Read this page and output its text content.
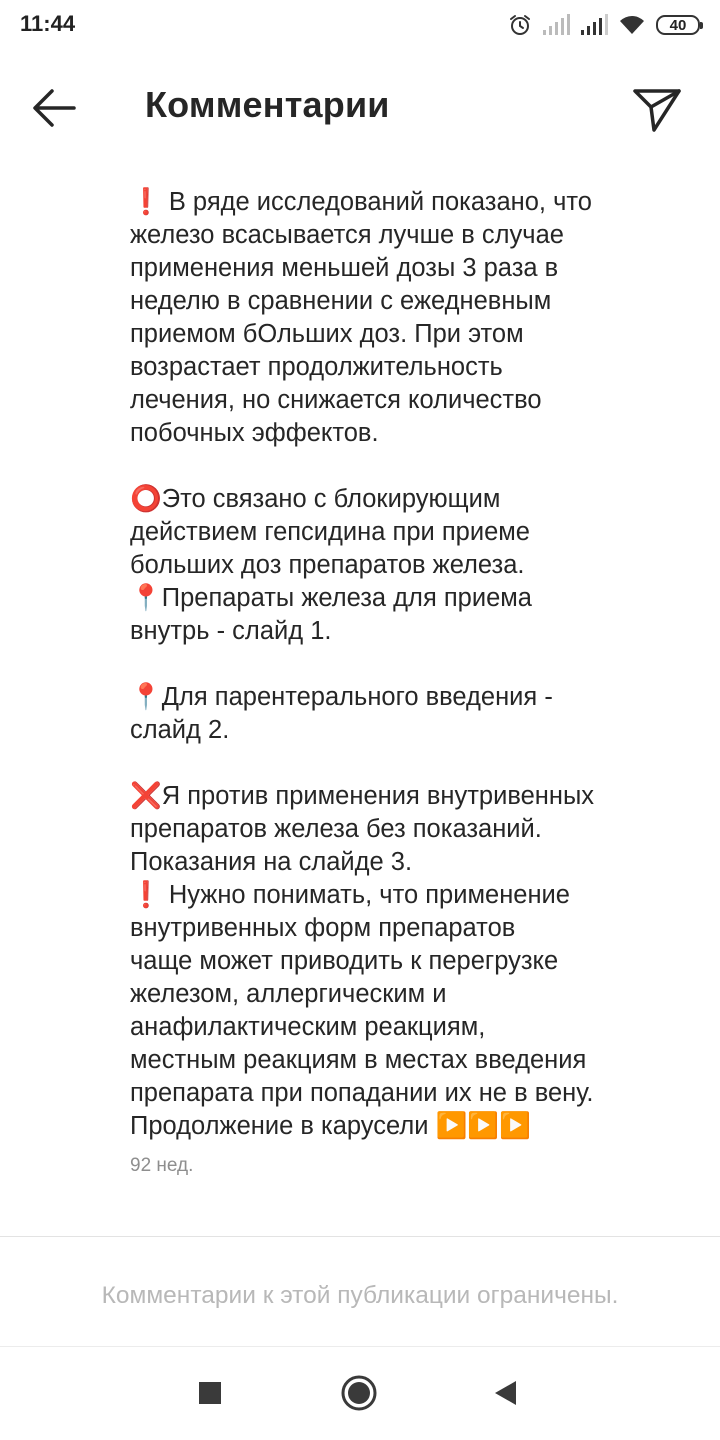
11:44	40
Комментарии
❗ В ряде исследований показано, что
железо всасывается лучше в случае
применения меньшей дозы 3 раза в
неделю в сравнении с ежедневным
приемом бОльших доз. При этом
возрастает продолжительность
лечения, но снижается количество
побочных эффектов.

⭕Это связано с блокирующим
действием гепсидина при приеме
больших доз препаратов железа.
📍Препараты железа для приема
внутрь - слайд 1.

📍Для парентерального введения -
слайд 2.

❌Я против применения внутривенных
препаратов железа без показаний.
Показания на слайде 3.
❗ Нужно понимать, что применение
внутривенных форм препаратов
чаще может приводить к перегрузке
железом, аллергическим и
анафилактическим реакциям,
местным реакциям в местах введения
препарата при попадании их не в вену.
Продолжение в карусели ▶️▶️▶️
92 нед.
Комментарии к этой публикации ограничены.
